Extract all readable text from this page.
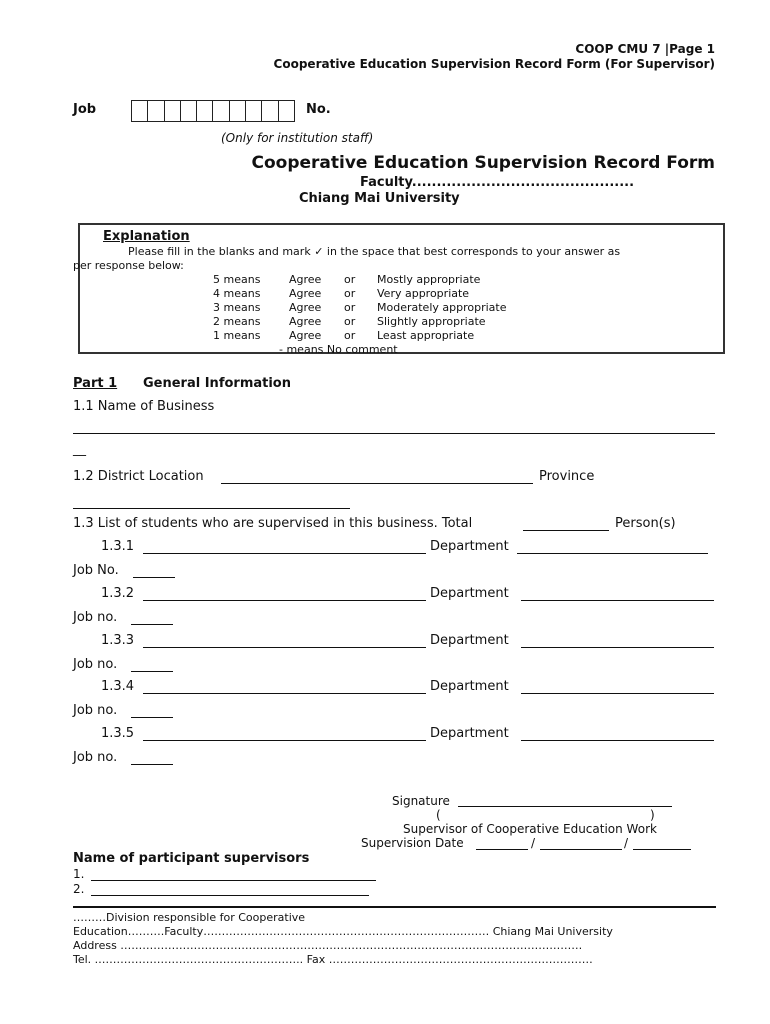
COOP CMU 7 |Page 1
Cooperative Education Supervision Record Form (For Supervisor)
Job	No.
(Only for institution staff)
Cooperative Education Supervision Record Form
Faculty.............................................
Chiang Mai University
Explanation
Please fill in the blanks and mark ✓ in the space that best corresponds to your answer as
per response below:
5 means	Agree or Mostly appropriate
4 means	Agree or Very appropriate
3 means	Agree or Moderately appropriate
2 means	Agree or Slightly appropriate
1 means	Agree or Least appropriate
- means No comment
Part 1 General Information
1.1 Name of Business
__
1.2 District Location	Province
1.3 List of students who are supervised in this business. Total	Person(s)
1.3.1	Department
Job No.
1.3.2	Department
Job no.
1.3.3	Department
Job no.
1.3.4	Department
Job no.
1.3.5	Department
Job no.
Signature
(	)
Supervisor of Cooperative Education Work
Supervision Date	/	/
Name of participant supervisors
1.
2.
………Division responsible for Cooperative
Education……….Faculty…………………………………………………………………… Chiang Mai University
Address ………………………………………………………………………………………………………………
Tel. .……………………………………………….. Fax ………………………………………………………………
